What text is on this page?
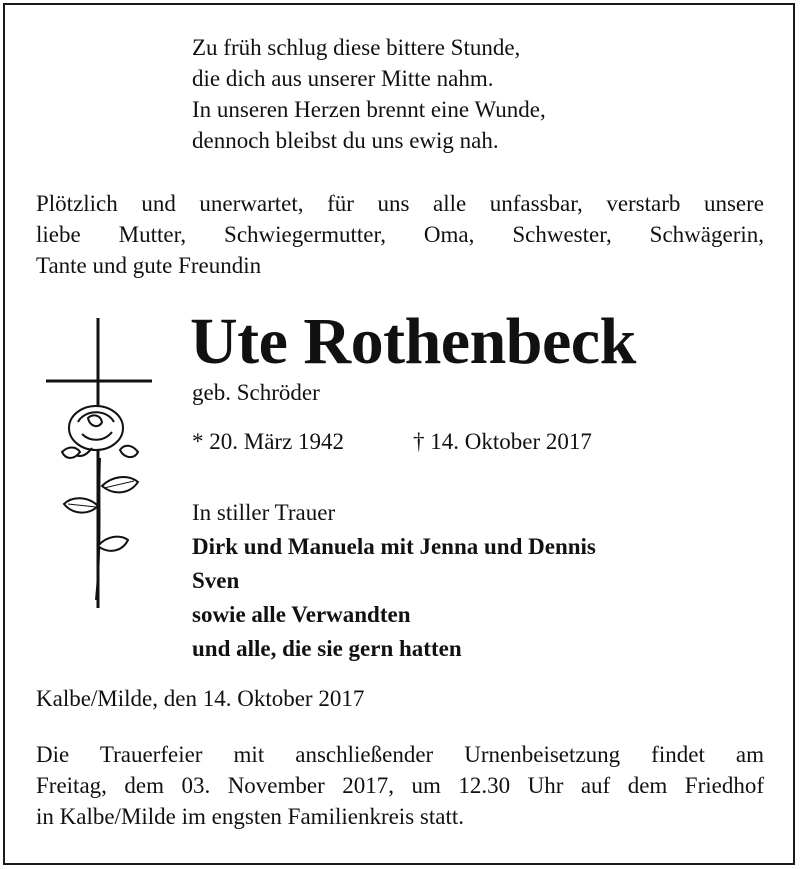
Zu früh schlug diese bittere Stunde,
die dich aus unserer Mitte nahm.
In unseren Herzen brennt eine Wunde,
dennoch bleibst du uns ewig nah.
Plötzlich und unerwartet, für uns alle unfassbar, verstarb unsere
liebe Mutter, Schwiegermutter, Oma, Schwester, Schwägerin,
Tante und gute Freundin
Ute Rothenbeck
geb. Schröder
* 20. März 1942	† 14. Oktober 2017
In stiller Trauer
Dirk und Manuela mit Jenna und Dennis
Sven
sowie alle Verwandten
und alle, die sie gern hatten
Kalbe/Milde, den 14. Oktober 2017
Die Trauerfeier mit anschließender Urnenbeisetzung findet am
Freitag, dem 03. November 2017, um 12.30 Uhr auf dem Friedhof
in Kalbe/Milde im engsten Familienkreis statt.
